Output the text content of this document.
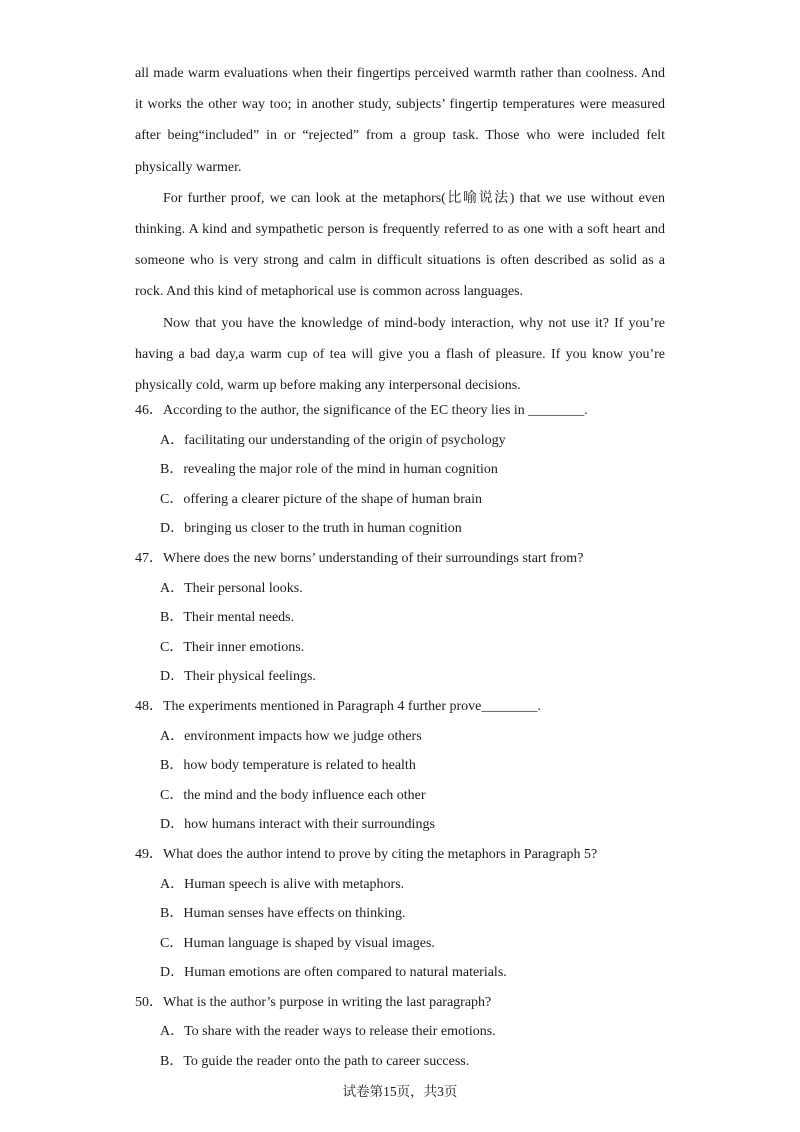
all made warm evaluations when their fingertips perceived warmth rather than coolness. And it works the other way too; in another study, subjects’ fingertip temperatures were measured after being“included” in or “rejected” from a group task. Those who were included felt physically warmer.

For further proof, we can look at the metaphors(比喻说法) that we use without even thinking. A kind and sympathetic person is frequently referred to as one with a soft heart and someone who is very strong and calm in difficult situations is often described as solid as a rock. And this kind of metaphorical use is common across languages.

Now that you have the knowledge of mind-body interaction, why not use it? If you’re having a bad day,a warm cup of tea will give you a flash of pleasure. If you know you’re physically cold, warm up before making any interpersonal decisions.

46．According to the author, the significance of the EC theory lies in ________.
A．facilitating our understanding of the origin of psychology
B．revealing the major role of the mind in human cognition
C．offering a clearer picture of the shape of human brain
D．bringing us closer to the truth in human cognition
47．Where does the new borns’ understanding of their surroundings start from?
A．Their personal looks.
B．Their mental needs.
C．Their inner emotions.
D．Their physical feelings.
48．The experiments mentioned in Paragraph 4 further prove________.
A．environment impacts how we judge others
B．how body temperature is related to health
C．the mind and the body influence each other
D．how humans interact with their surroundings
49．What does the author intend to prove by citing the metaphors in Paragraph 5?
A．Human speech is alive with metaphors.
B．Human senses have effects on thinking.
C．Human language is shaped by visual images.
D．Human emotions are often compared to natural materials.
50．What is the author’s purpose in writing the last paragraph?
A．To share with the reader ways to release their emotions.
B．To guide the reader onto the path to career success.
试卷第15页，共3页
